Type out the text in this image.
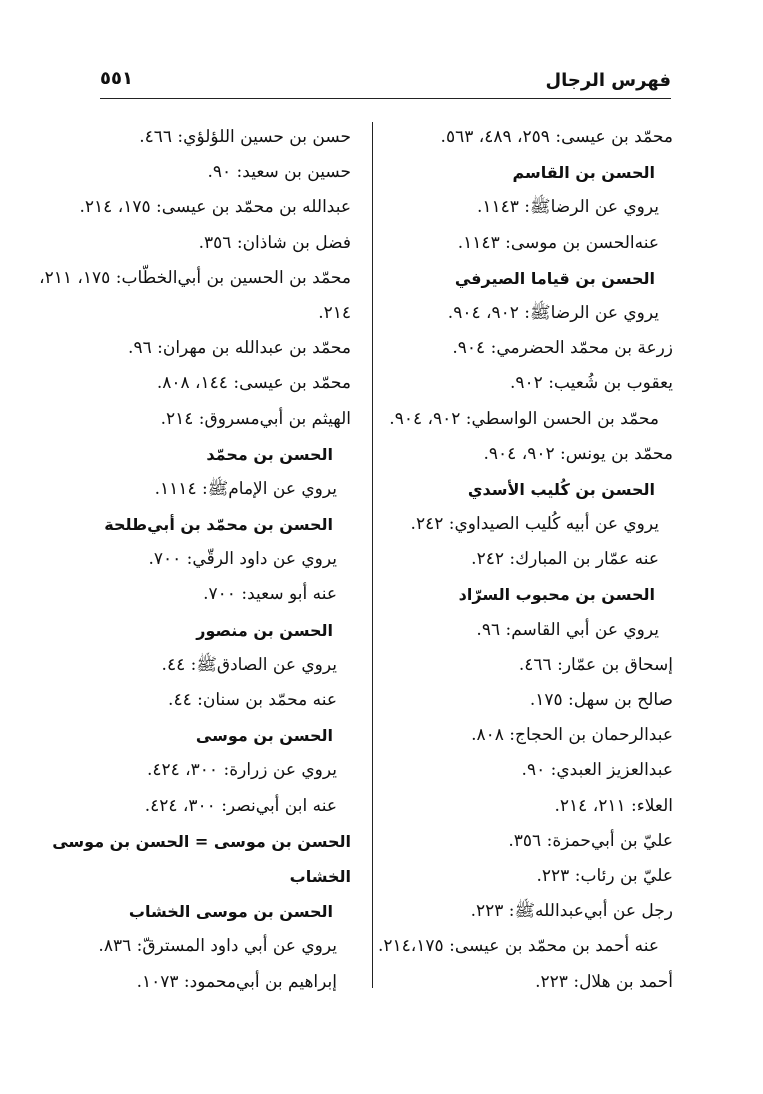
فهرس الرجال
٥٥١
محمّد بن عيسى: ٢٥٩، ٤٨٩، ٥٦٣.
الحسن بن القاسم
يروي عن الرضاﷺ: ١١٤٣.
عنه‌الحسن بن موسى: ١١٤٣.
الحسن بن قياما الصيرفي
يروي عن الرضاﷺ: ٩٠٢، ٩٠٤.
زرعة بن محمّد الحضرمي: ٩٠٤.
يعقوب بن شُعيب: ٩٠٢.
محمّد بن الحسن الواسطي: ٩٠٢، ٩٠٤.
محمّد بن يونس: ٩٠٢، ٩٠٤.
الحسن بن كُليب الأسدي
يروي عن أبيه كُليب الصيداوي: ٢٤٢.
عنه عمّار بن المبارك: ٢٤٢.
الحسن بن محبوب السرّاد
يروي عن أبي القاسم: ٩٦.
إسحاق بن عمّار: ٤٦٦.
صالح بن سهل: ١٧٥.
عبدالرحمان بن الحجاج: ٨٠٨.
عبدالعزيز العبدي: ٩٠.
العلاء: ٢١١، ٢١٤.
عليّ بن أبي‌حمزة: ٣٥٦.
عليّ بن رئاب: ٢٢٣.
رجل عن أبي‌عبداللهﷺ: ٢٢٣.
عنه أحمد بن محمّد بن عيسى: ٢١٤،١٧٥.
أحمد بن هلال: ٢٢٣.
حسن بن حسين اللؤلؤي: ٤٦٦.
حسين بن سعيد: ٩٠.
عبدالله بن محمّد بن عيسى: ١٧٥، ٢١٤.
فضل بن شاذان: ٣٥٦.
محمّد بن الحسين بن أبي‌الخطّاب: ١٧٥، ٢١١،
٢١٤.
محمّد بن عبدالله بن مهران: ٩٦.
محمّد بن عيسى: ١٤٤، ٨٠٨.
الهيثم بن أبي‌مسروق: ٢١٤.
الحسن بن محمّد
يروي عن الإمامﷺ: ١١١٤.
الحسن بن محمّد بن أبي‌طلحة
يروي عن داود الرقّي: ٧٠٠.
عنه أبو سعيد: ٧٠٠.
الحسن بن منصور
يروي عن الصادقﷺ: ٤٤.
عنه محمّد بن سنان: ٤٤.
الحسن بن موسى
يروي عن زرارة: ٣٠٠، ٤٢٤.
عنه ابن أبي‌نصر: ٣٠٠، ٤٢٤.
الحسن بن موسى = الحسن بن موسى
الخشاب
الحسن بن موسى الخشاب
يروي عن أبي داود المسترقّ: ٨٣٦.
إبراهيم بن أبي‌محمود: ١٠٧٣.
